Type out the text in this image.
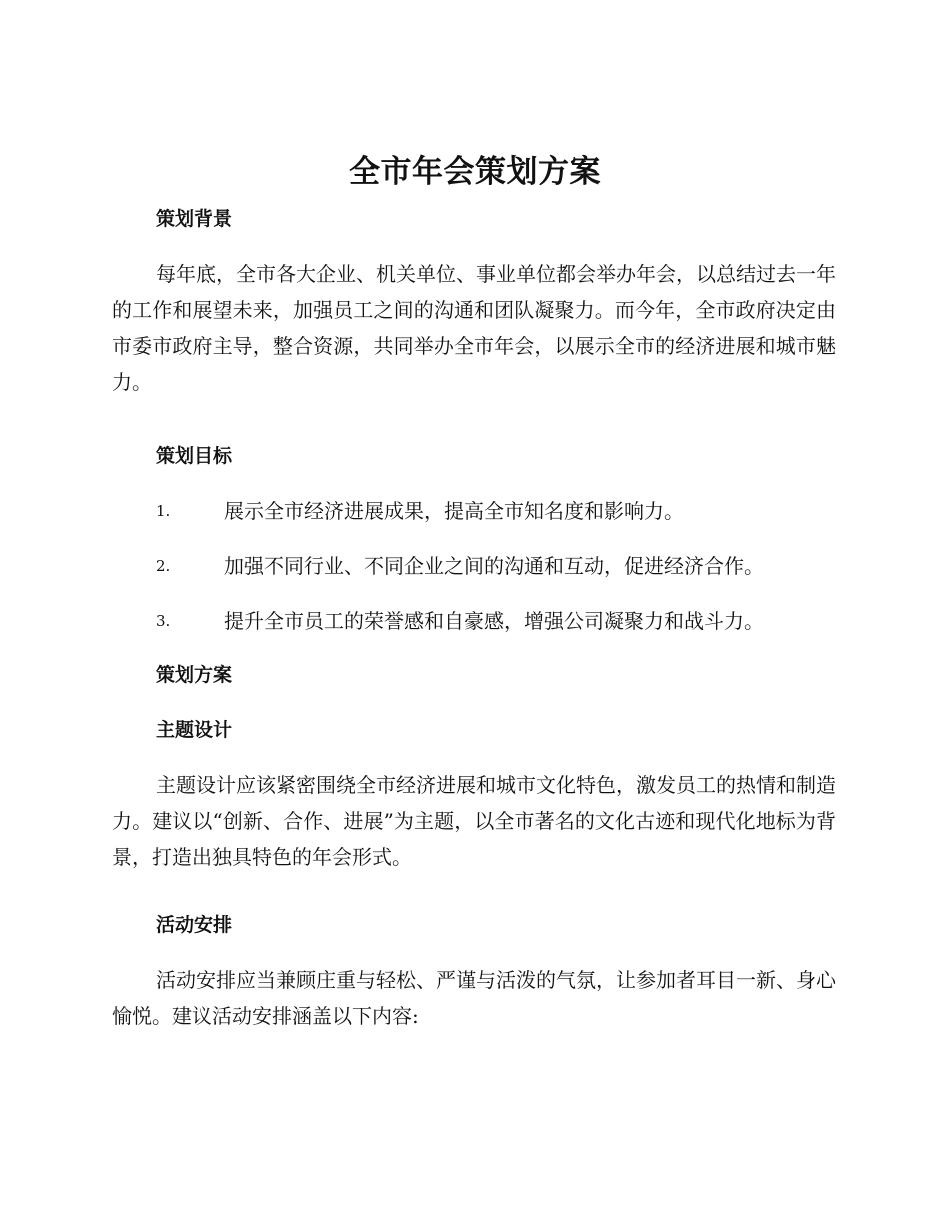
全市年会策划方案
策划背景
每年底，全市各大企业、机关单位、事业单位都会举办年会，以总结过去一年的工作和展望未来，加强员工之间的沟通和团队凝聚力。而今年，全市政府决定由市委市政府主导，整合资源，共同举办全市年会，以展示全市的经济进展和城市魅力。
策划目标
1.	展示全市经济进展成果，提高全市知名度和影响力。
2.	加强不同行业、不同企业之间的沟通和互动，促进经济合作。
3.	提升全市员工的荣誉感和自豪感，增强公司凝聚力和战斗力。
策划方案
主题设计
主题设计应该紧密围绕全市经济进展和城市文化特色，激发员工的热情和制造力。建议以“创新、合作、进展”为主题，以全市著名的文化古迹和现代化地标为背景，打造出独具特色的年会形式。
活动安排
活动安排应当兼顾庄重与轻松、严谨与活泼的气氛，让参加者耳目一新、身心愉悦。建议活动安排涵盖以下内容:
